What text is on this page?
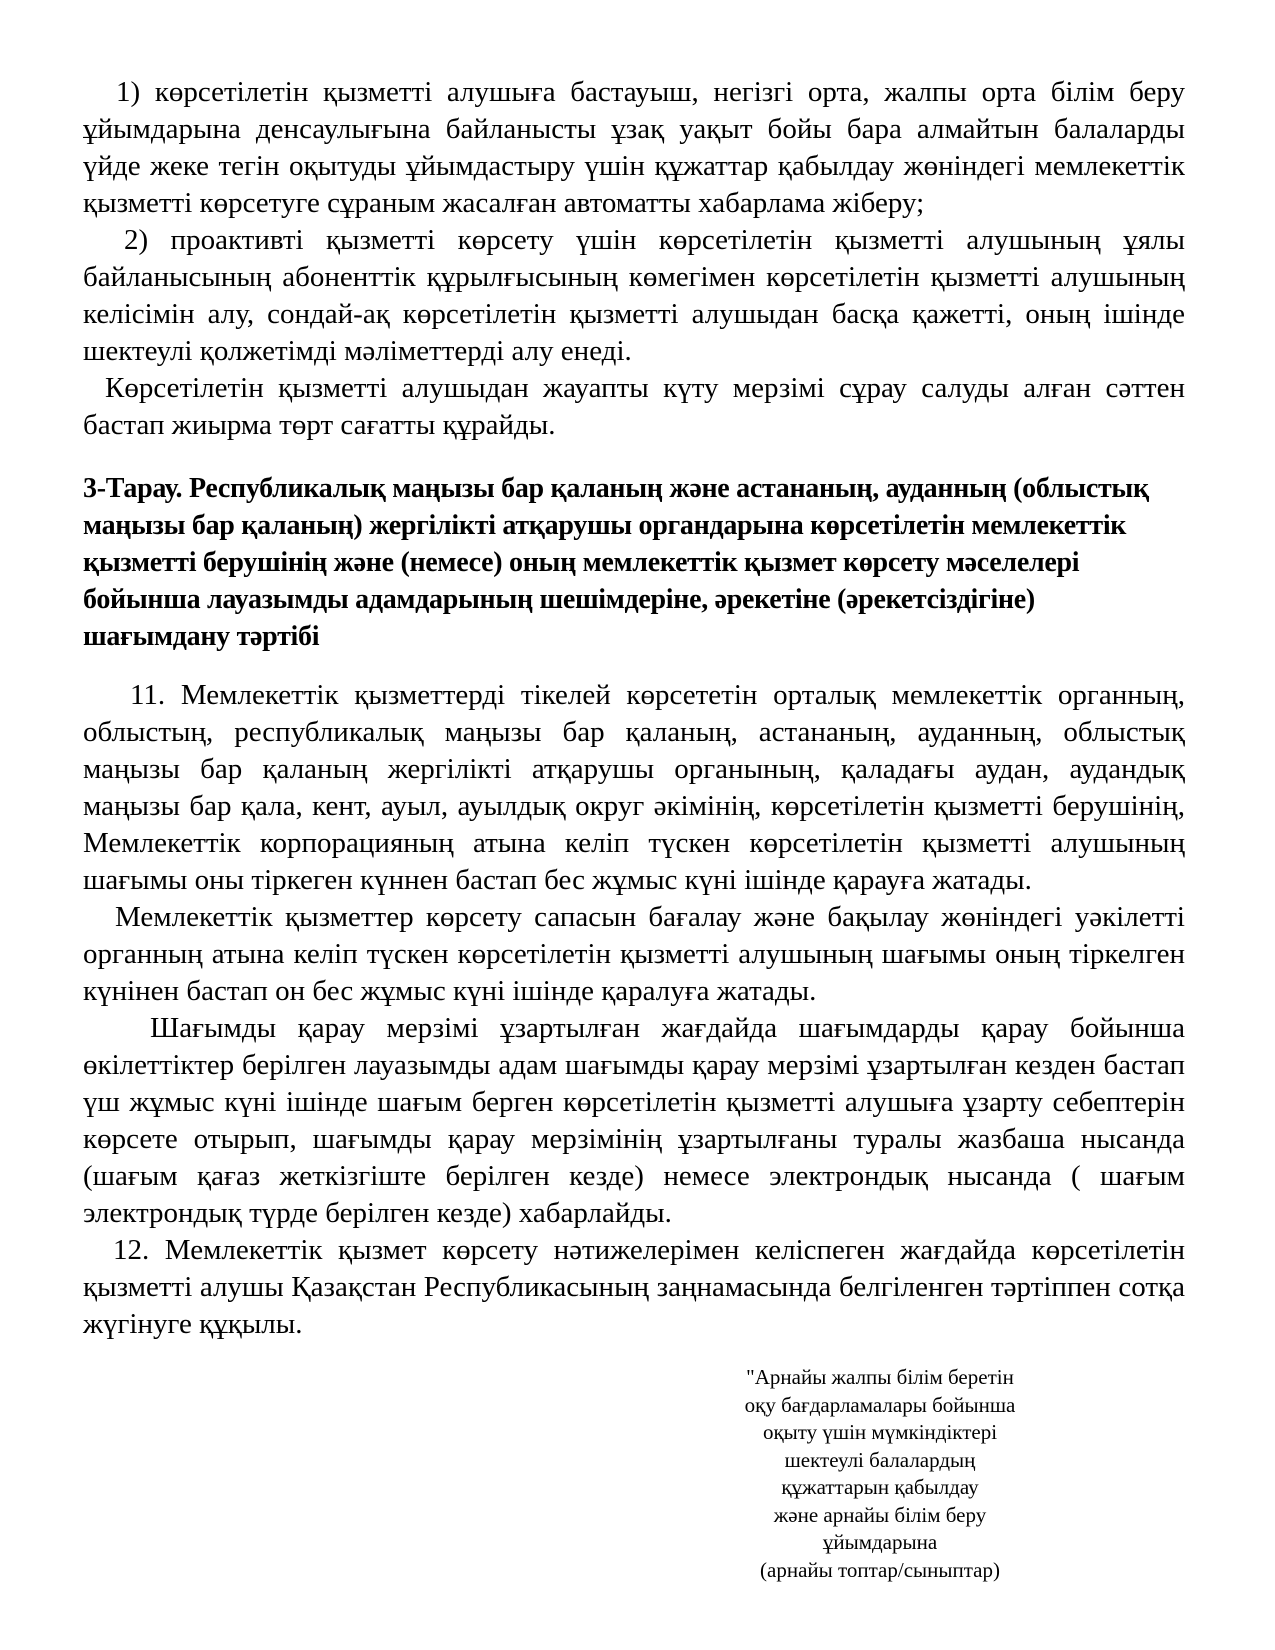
1) көрсетілетін қызметті алушыға бастауыш, негізгі орта, жалпы орта білім беру ұйымдарына денсаулығына байланысты ұзақ уақыт бойы бара алмайтын балаларды үйде жеке тегін оқытуды ұйымдастыру үшін құжаттар қабылдау жөніндегі мемлекеттік қызметті көрсетуге сұраным жасалған автоматты хабарлама жіберу;

2) проактивті қызметті көрсету үшін көрсетілетін қызметті алушының ұялы байланысының абоненттік құрылғысының көмегімен көрсетілетін қызметті алушының келісімін алу, сондай-ақ көрсетілетін қызметті алушыдан басқа қажетті, оның ішінде шектеулі қолжетімді мәліметтерді алу енеді.

Көрсетілетін қызметті алушыдан жауапты күту мерзімі сұрау салуды алған сәттен бастап жиырма төрт сағатты құрайды.

3-Тарау. Республикалық маңызы бар қаланың және астананың, ауданның (облыстық маңызы бар қаланың) жергілікті атқарушы органдарына көрсетілетін мемлекеттік қызметті берушінің және (немесе) оның мемлекеттік қызмет көрсету мәселелері бойынша лауазымды адамдарының шешімдеріне, әрекетіне (әрекетсіздігіне) шағымдану тәртібі

11. Мемлекеттік қызметтерді тікелей көрсететін орталық мемлекеттік органның, облыстың, республикалық маңызы бар қаланың, астананың, ауданның, облыстық маңызы бар қаланың жергілікті атқарушы органының, қаладағы аудан, аудандық маңызы бар қала, кент, ауыл, ауылдық округ әкімінің, көрсетілетін қызметті берушінің, Мемлекеттік корпорацияның атына келіп түскен көрсетілетін қызметті алушының шағымы оны тіркеген күннен бастап бес жұмыс күні ішінде қарауға жатады.

Мемлекеттік қызметтер көрсету сапасын бағалау және бақылау жөніндегі уәкілетті органның атына келіп түскен көрсетілетін қызметті алушының шағымы оның тіркелген күнінен бастап он бес жұмыс күні ішінде қаралуға жатады.

Шағымды қарау мерзімі ұзартылған жағдайда шағымдарды қарау бойынша өкілеттіктер берілген лауазымды адам шағымды қарау мерзімі ұзартылған кезден бастап үш жұмыс күні ішінде шағым берген көрсетілетін қызметті алушыға ұзарту себептерін көрсете отырып, шағымды қарау мерзімінің ұзартылғаны туралы жазбаша нысанда (шағым қағаз жеткізгіште берілген кезде) немесе электрондық нысанда ( шағым электрондық түрде берілген кезде) хабарлайды.

12. Мемлекеттік қызмет көрсету нәтижелерімен келіспеген жағдайда көрсетілетін қызметті алушы Қазақстан Республикасының заңнамасында белгіленген тәртіппен сотқа жүгінуге құқылы.

"Арнайы жалпы білім беретін
оқу бағдарламалары бойынша
оқыту үшін мүмкіндіктері
шектеулі балалардың
құжаттарын қабылдау
және арнайы білім беру
ұйымдарына
(арнайы топтар/сыныптар)
